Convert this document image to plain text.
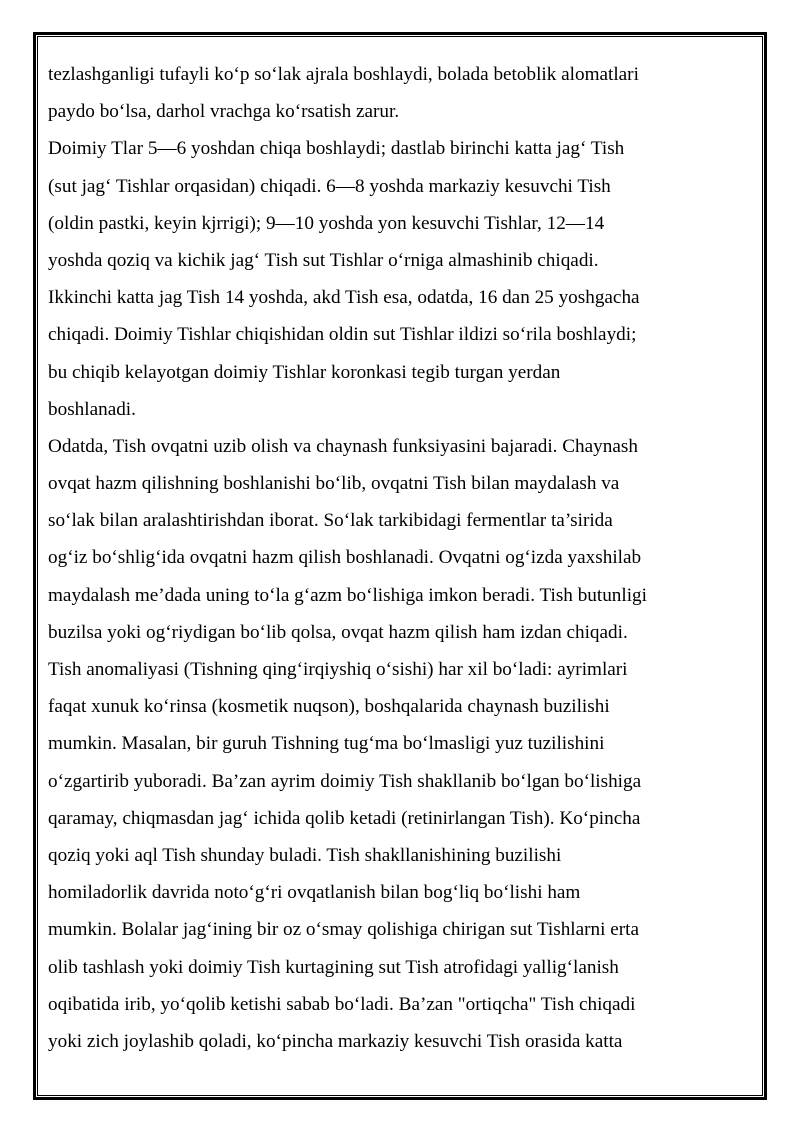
tezlashganligi tufayli ko‘p so‘lak ajrala boshlaydi, bolada betoblik alomatlari
paydo bo‘lsa, darhol vrachga ko‘rsatish zarur.
Doimiy Tlar 5—6 yoshdan chiqa boshlaydi; dastlab birinchi katta jag‘ Tish
(sut jag‘ Tishlar orqasidan) chiqadi. 6—8 yoshda markaziy kesuvchi Tish
(oldin pastki, keyin kjrrigi); 9—10 yoshda yon kesuvchi Tishlar, 12—14
yoshda qoziq va kichik jag‘ Tish sut Tishlar o‘rniga almashinib chiqadi.
Ikkinchi katta jag Tish 14 yoshda, akd Tish esa, odatda, 16 dan 25 yoshgacha
chiqadi. Doimiy Tishlar chiqishidan oldin sut Tishlar ildizi so‘rila boshlaydi;
bu chiqib kelayotgan doimiy Tishlar koronkasi tegib turgan yerdan
boshlanadi.
Odatda, Tish ovqatni uzib olish va chaynash funksiyasini bajaradi. Chaynash
ovqat hazm qilishning boshlanishi bo‘lib, ovqatni Tish bilan maydalash va
so‘lak bilan aralashtirishdan iborat. So‘lak tarkibidagi fermentlar ta’sirida
og‘iz bo‘shlig‘ida ovqatni hazm qilish boshlanadi. Ovqatni og‘izda yaxshilab
maydalash me’dada uning to‘la g‘azm bo‘lishiga imkon beradi. Tish butunligi
buzilsa yoki og‘riydigan bo‘lib qolsa, ovqat hazm qilish ham izdan chiqadi.
Tish anomaliyasi (Tishning qing‘irqiyshiq o‘sishi) har xil bo‘ladi: ayrimlari
faqat xunuk ko‘rinsa (kosmetik nuqson), boshqalarida chaynash buzilishi
mumkin. Masalan, bir guruh Tishning tug‘ma bo‘lmasligi yuz tuzilishini
o‘zgartirib yuboradi. Ba’zan ayrim doimiy Tish shakllanib bo‘lgan bo‘lishiga
qaramay, chiqmasdan jag‘ ichida qolib ketadi (retinirlangan Tish). Ko‘pincha
qoziq yoki aql Tish shunday buladi. Tish shakllanishining buzilishi
homiladorlik davrida noto‘g‘ri ovqatlanish bilan bog‘liq bo‘lishi ham
mumkin. Bolalar jag‘ining bir oz o‘smay qolishiga chirigan sut Tishlarni erta
olib tashlash yoki doimiy Tish kurtagining sut Tish atrofidagi yallig‘lanish
oqibatida irib, yo‘qolib ketishi sabab bo‘ladi. Ba’zan "ortiqcha" Tish chiqadi
yoki zich joylashib qoladi, ko‘pincha markaziy kesuvchi Tish orasida katta
